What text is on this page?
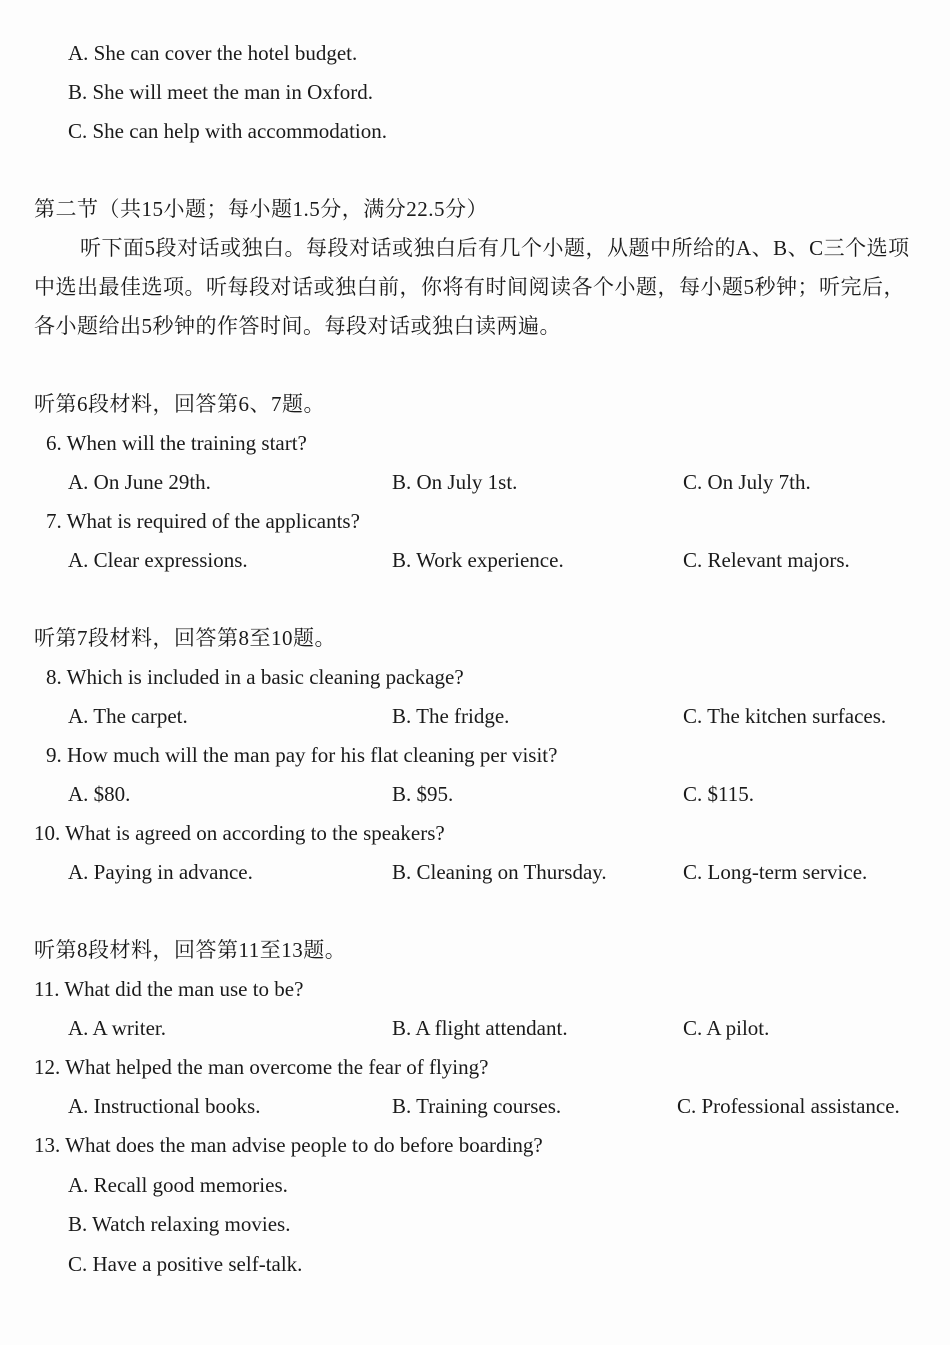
A. She can cover the hotel budget.
B. She will meet the man in Oxford.
C. She can help with accommodation.
第二节（共15小题；每小题1.5分，满分22.5分）
听下面5段对话或独白。每段对话或独白后有几个小题，从题中所给的A、B、C三个选项
中选出最佳选项。听每段对话或独白前，你将有时间阅读各个小题，每小题5秒钟；听完后，
各小题给出5秒钟的作答时间。每段对话或独白读两遍。
听第6段材料，回答第6、7题。
6. When will the training start?
A. On June 29th.	B. On July 1st.	C. On July 7th.
7. What is required of the applicants?
A. Clear expressions.	B. Work experience.	C. Relevant majors.
听第7段材料，回答第8至10题。
8. Which is included in a basic cleaning package?
A. The carpet.	B. The fridge.	C. The kitchen surfaces.
9. How much will the man pay for his flat cleaning per visit?
A. $80.	B. $95.	C. $115.
10. What is agreed on according to the speakers?
A. Paying in advance.	B. Cleaning on Thursday.	C. Long-term service.
听第8段材料，回答第11至13题。
11. What did the man use to be?
A. A writer.	B. A flight attendant.	C. A pilot.
12. What helped the man overcome the fear of flying?
A. Instructional books.	B. Training courses.	C. Professional assistance.
13. What does the man advise people to do before boarding?
A. Recall good memories.
B. Watch relaxing movies.
C. Have a positive self-talk.
